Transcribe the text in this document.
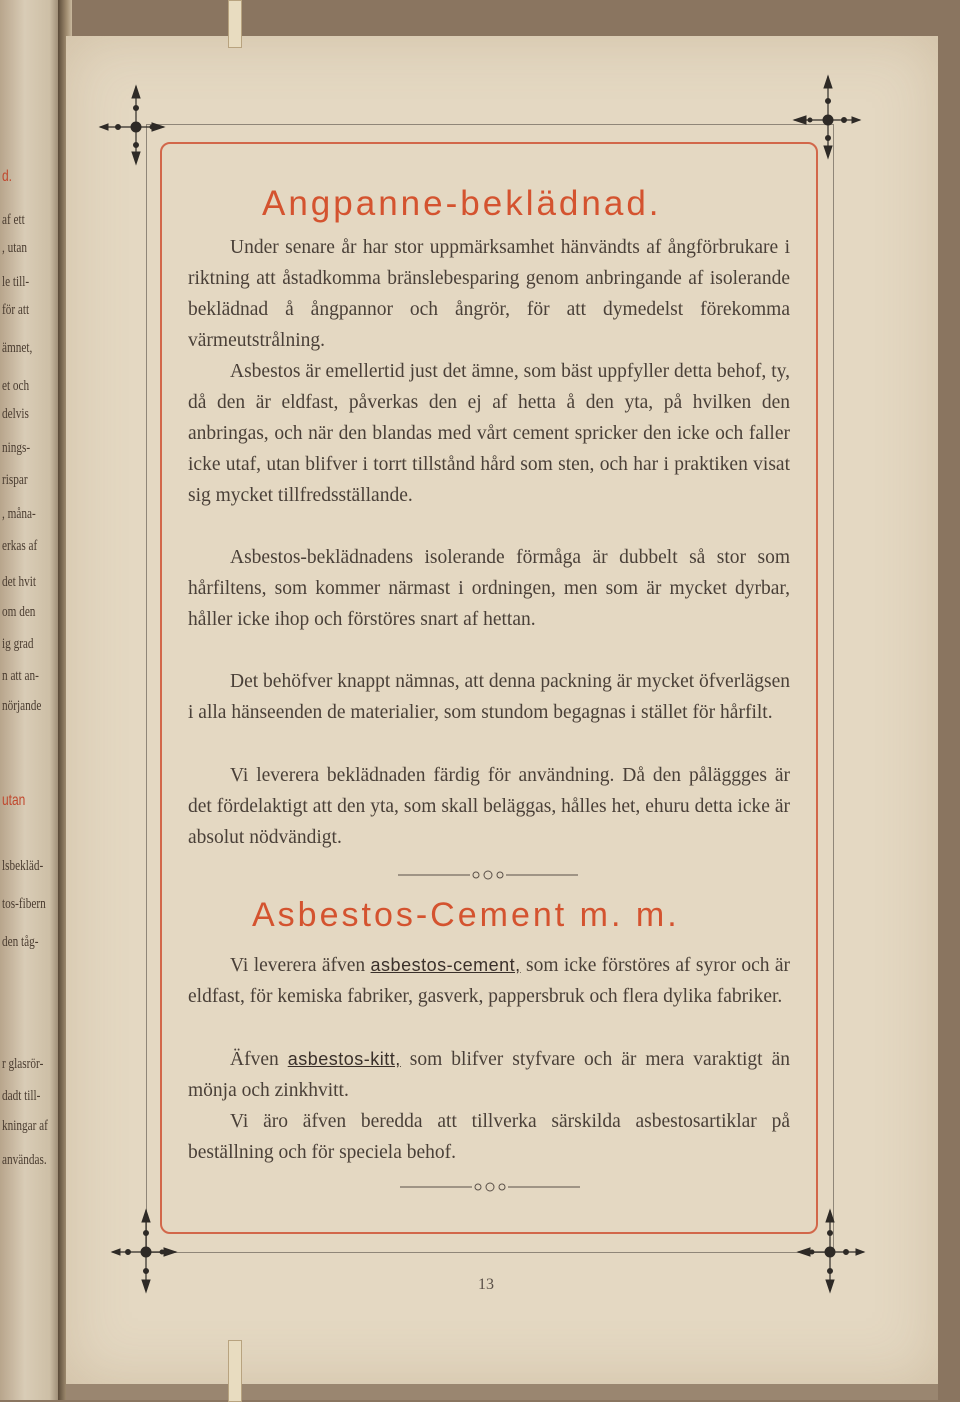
d.
af ett
, utan
le till-
för att
ämnet,
et och
delvis
nings-
rispar
, måna-
erkas af
det hvit
om den
ig grad
n att an-
nörjande
utan
lsbekläd-
tos-fibern
den tåg-
r glasrör-
dadt till-
kningar af
användas.
Angpanne-beklädnad.

Under senare år har stor uppmärksamhet hänvändts af ångförbrukare i riktning att åstadkomma bränslebesparing genom anbringande af isolerande beklädnad å ångpannor och ångrör, för att dymedelst förekomma värmeutstrålning.

Asbestos är emellertid just det ämne, som bäst uppfyller detta behof, ty, då den är eldfast, påverkas den ej af hetta å den yta, på hvilken den anbringas, och när den blandas med vårt cement spricker den icke och faller icke utaf, utan blifver i torrt tillstånd hård som sten, och har i praktiken visat sig mycket tillfredsställande.

Asbestos-beklädnadens isolerande förmåga är dubbelt så stor som hårfiltens, som kommer närmast i ordningen, men som är mycket dyrbar, håller icke ihop och förstöres snart af hettan.

Det behöfver knappt nämnas, att denna packning är mycket öfverlägsen i alla hänseenden de materialier, som stundom begagnas i stället för hårfilt.

Vi leverera beklädnaden färdig för användning. Då den påläggges är det fördelaktigt att den yta, som skall beläggas, hålles het, ehuru detta icke är absolut nödvändigt.

Asbestos-Cement m. m.

Vi leverera äfven asbestos-cement, som icke förstöres af syror och är eldfast, för kemiska fabriker, gasverk, pappersbruk och flera dylika fabriker.

Äfven asbestos-kitt, som blifver styfvare och är mera varaktigt än mönja och zinkhvitt.

Vi äro äfven beredda att tillverka särskilda asbestosartiklar på beställning och för speciela behof.

13
